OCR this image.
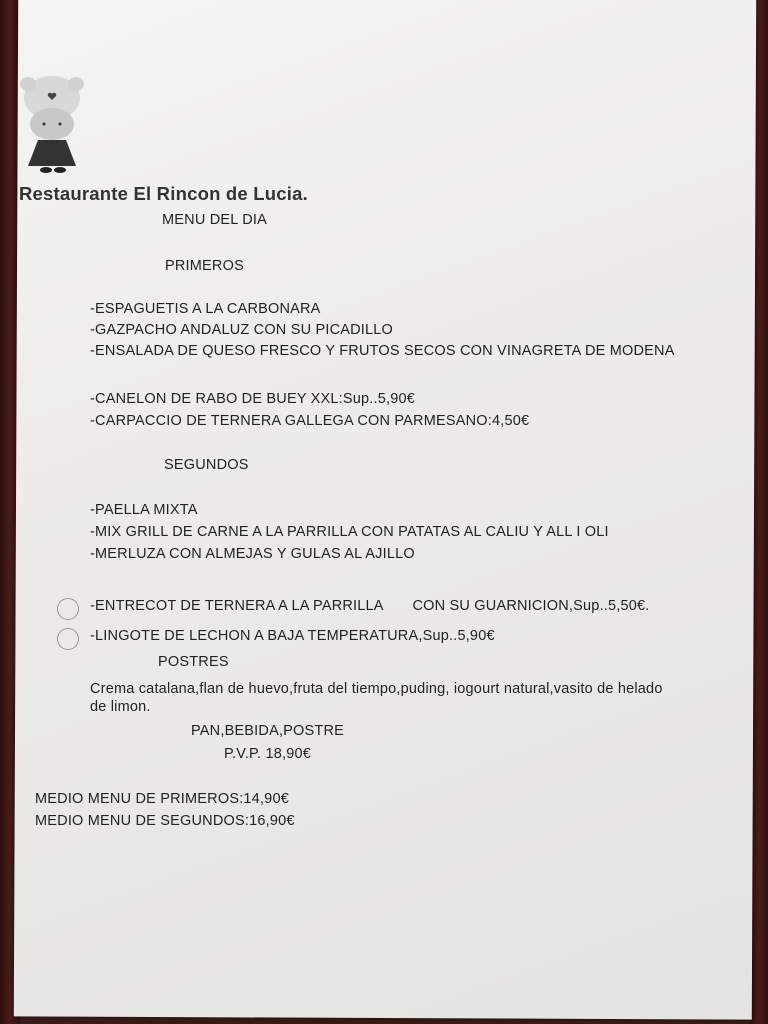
Restaurante El Rincon de Lucia.
MENU DEL DIA
PRIMEROS
-ESPAGUETIS A LA CARBONARA
-GAZPACHO ANDALUZ CON SU PICADILLO
-ENSALADA DE QUESO FRESCO Y FRUTOS SECOS CON VINAGRETA DE MODENA
-CANELON DE RABO DE BUEY XXL:Sup..5,90€
-CARPACCIO DE TERNERA GALLEGA CON PARMESANO:4,50€
SEGUNDOS
-PAELLA MIXTA
-MIX GRILL DE CARNE A LA PARRILLA CON PATATAS AL CALIU Y ALL I OLI
-MERLUZA CON ALMEJAS Y GULAS AL AJILLO
-ENTRECOT DE TERNERA A LA PARRILLA       CON SU GUARNICION,Sup..5,50€.
-LINGOTE DE LECHON A BAJA TEMPERATURA,Sup..5,90€
POSTRES
Crema catalana,flan de huevo,fruta del tiempo,puding, iogourt natural,vasito de helado
de limon.
PAN,BEBIDA,POSTRE
P.V.P. 18,90€
MEDIO MENU DE PRIMEROS:14,90€
MEDIO MENU DE SEGUNDOS:16,90€
